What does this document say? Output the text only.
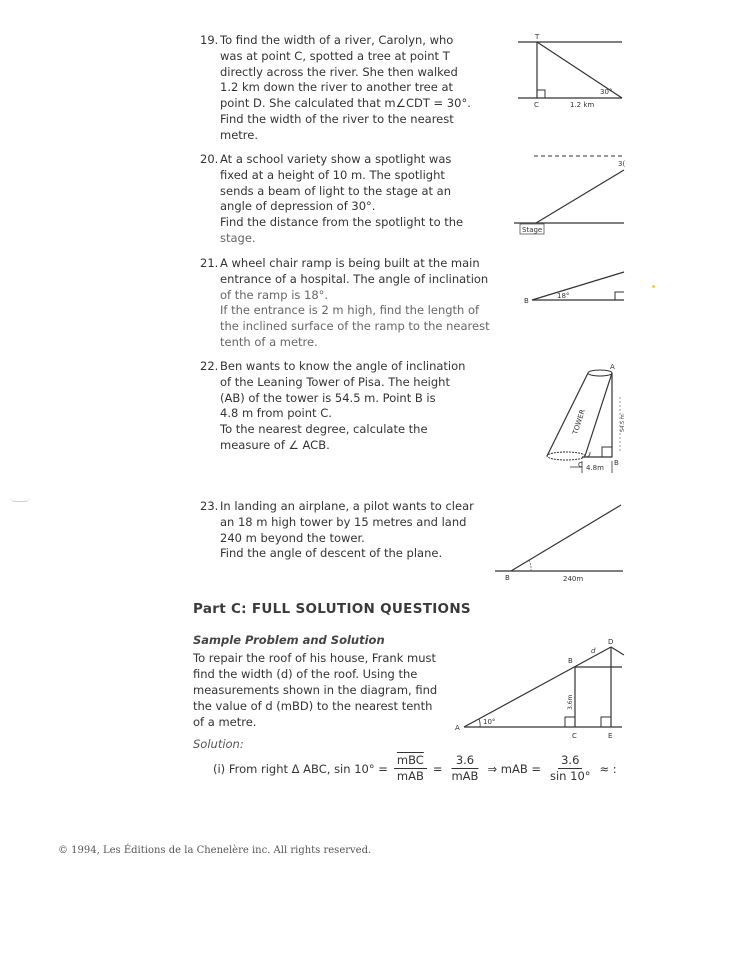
19. To find the width of a river, Carolyn, who
was at point C, spotted a tree at point T
directly across the river. She then walked
1.2 km down the river to another tree at
point D. She calculated that m∠CDT = 30°.
Find the width of the river to the nearest
metre.
T
C	1.2 km
30°
20. At a school variety show a spotlight was
fixed at a height of 10 m. The spotlight
sends a beam of light to the stage at an
angle of depression of 30°.
Find the distance from the spotlight to the
stage.
3(
Stage
21. A wheel chair ramp is being built at the main
entrance of a hospital. The angle of inclination
of the ramp is 18°.
If the entrance is 2 m high, find the length of
the inclined surface of the ramp to the nearest
tenth of a metre.
B
18°
22. Ben wants to know the angle of inclination
of the Leaning Tower of Pisa. The height
(AB) of the tower is 54.5 m. Point B is
4.8 m from point C.
To the nearest degree, calculate the
measure of ∠ ACB.
A
TOWER	54.5 m
C	B
4.8m
23. In landing an airplane, a pilot wants to clear
an 18 m high tower by 15 metres and land
240 m beyond the tower.
Find the angle of descent of the plane.
B	240m
Part C: FULL SOLUTION QUESTIONS
Sample Problem and Solution
To repair the roof of his house, Frank must
find the width (d) of the roof. Using the
measurements shown in the diagram, find
the value of d (mBD) to the nearest tenth
of a metre.	A
10°
B
C
D
E
d
3.6m
Solution:
(i) From right Δ ABC, $\sin 10^\circ = \frac{\overline{mBC}}{\text{mAB}} = \frac{3.6}{\text{mAB}}$ ⇒ mAB = $\frac{3.6}{\sin 10^\circ}$ ≈ :
© 1994, Les Éditions de la Chenelère inc. All rights reserved.
